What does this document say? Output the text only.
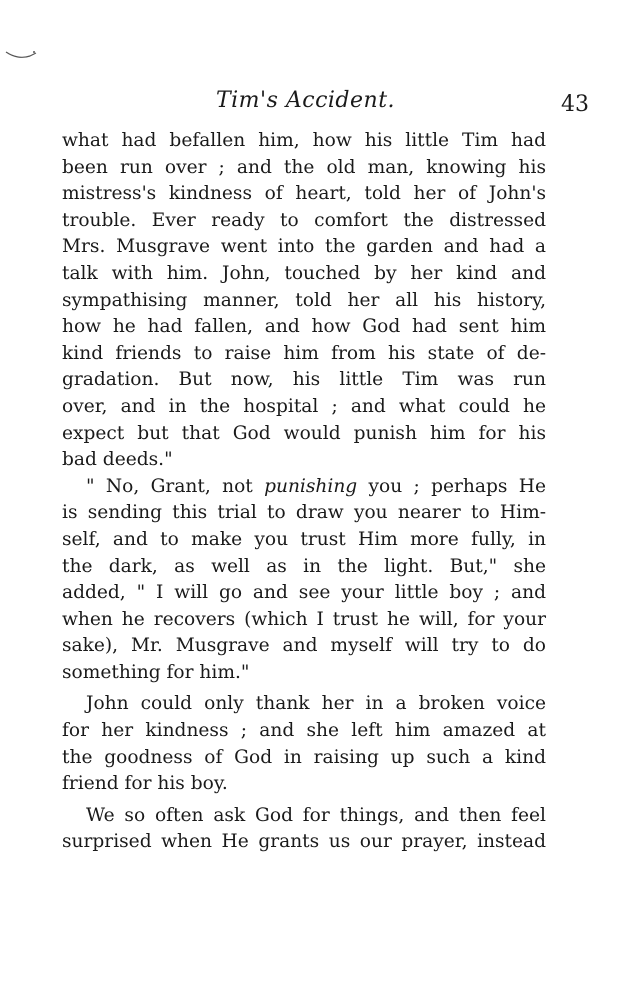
Tim's Accident.	43
what had befallen him, how his little Tim had
been run over ; and the old man, knowing his
mistress's kindness of heart, told her of John's
trouble. Ever ready to comfort the distressed
Mrs. Musgrave went into the garden and had a
talk with him. John, touched by her kind and
sympathising manner, told her all his history,
how he had fallen, and how God had sent him
kind friends to raise him from his state of de-
gradation. But now, his little Tim was run
over, and in the hospital ; and what could he
expect but that God would punish him for his
bad deeds."
" No, Grant, not punishing you ; perhaps He
is sending this trial to draw you nearer to Him-
self, and to make you trust Him more fully, in
the dark, as well as in the light. But," she
added, " I will go and see your little boy ; and
when he recovers (which I trust he will, for your
sake), Mr. Musgrave and myself will try to do
something for him."
John could only thank her in a broken voice
for her kindness ; and she left him amazed at
the goodness of God in raising up such a kind
friend for his boy.
We so often ask God for things, and then feel
surprised when He grants us our prayer, instead
